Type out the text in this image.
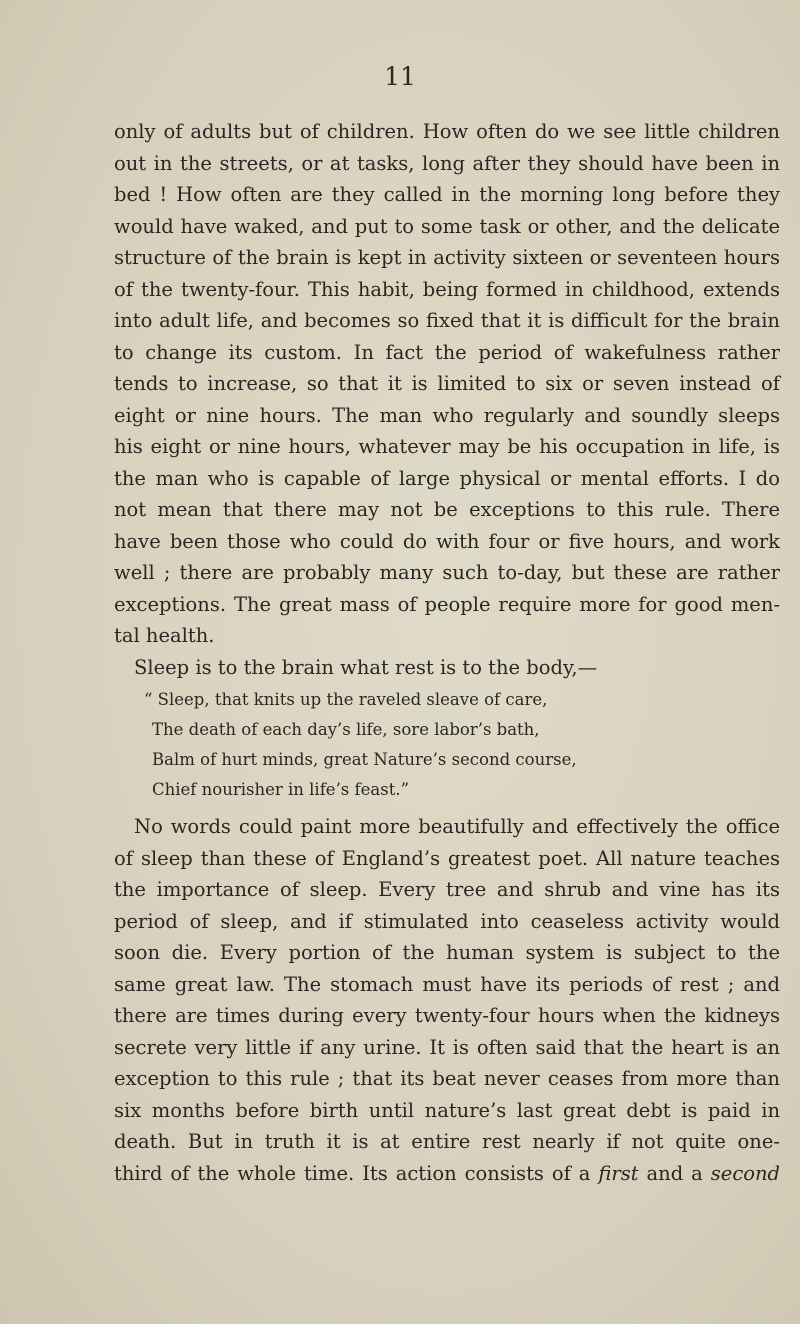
11
only of adults but of children. How often do we see little children
out in the streets, or at tasks, long after they should have been in
bed ! How often are they called in the morning long before they
would have waked, and put to some task or other, and the delicate
structure of the brain is kept in activity sixteen or seventeen hours
of the twenty-four. This habit, being formed in childhood, extends
into adult life, and becomes so fixed that it is difficult for the brain
to change its custom. In fact the period of wakefulness rather
tends to increase, so that it is limited to six or seven instead of
eight or nine hours. The man who regularly and soundly sleeps
his eight or nine hours, whatever may be his occupation in life, is
the man who is capable of large physical or mental efforts. I do
not mean that there may not be exceptions to this rule. There
have been those who could do with four or five hours, and work
well ; there are probably many such to-day, but these are rather
exceptions. The great mass of people require more for good men-
tal health.
Sleep is to the brain what rest is to the body,—
“ Sleep, that knits up the raveled sleave of care,
The death of each day’s life, sore labor’s bath,
Balm of hurt minds, great Nature’s second course,
Chief nourisher in life’s feast.”
No words could paint more beautifully and effectively the office
of sleep than these of England’s greatest poet. All nature teaches
the importance of sleep. Every tree and shrub and vine has its
period of sleep, and if stimulated into ceaseless activity would
soon die. Every portion of the human system is subject to the
same great law. The stomach must have its periods of rest ; and
there are times during every twenty-four hours when the kidneys
secrete very little if any urine. It is often said that the heart is an
exception to this rule ; that its beat never ceases from more than
six months before birth until nature’s last great debt is paid in
death. But in truth it is at entire rest nearly if not quite one-
third of the whole time. Its action consists of a first and a second
